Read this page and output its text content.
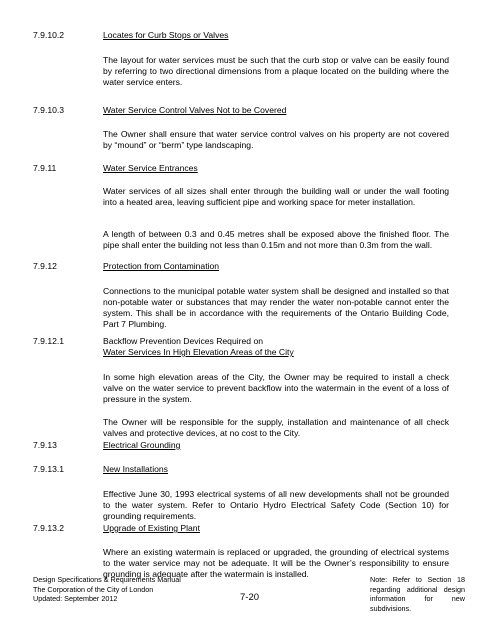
7.9.10.2	Locates for Curb Stops or Valves
The layout for water services must be such that the curb stop or valve can be easily found by referring to two directional dimensions from a plaque located on the building where the water service enters.
7.9.10.3	Water Service Control Valves Not to be Covered
The Owner shall ensure that water service control valves on his property are not covered by “mound” or “berm” type landscaping.
7.9.11	Water Service Entrances
Water services of all sizes shall enter through the building wall or under the wall footing into a heated area, leaving sufficient pipe and working space for meter installation.
A length of between 0.3 and 0.45 metres shall be exposed above the finished floor. The pipe shall enter the building not less than 0.15m and not more than 0.3m from the wall.
7.9.12	Protection from Contamination
Connections to the municipal potable water system shall be designed and installed so that non-potable water or substances that may render the water non-potable cannot enter the system. This shall be in accordance with the requirements of the Ontario Building Code, Part 7 Plumbing.
7.9.12.1	Backflow Prevention Devices Required on
Water Services In High Elevation Areas of the City
In some high elevation areas of the City, the Owner may be required to install a check valve on the water service to prevent backflow into the watermain in the event of a loss of pressure in the system.
The Owner will be responsible for the supply, installation and maintenance of all check valves and protective devices, at no cost to the City.
7.9.13	Electrical Grounding
7.9.13.1	New Installations
Effective June 30, 1993 electrical systems of all new developments shall not be grounded to the water system. Refer to Ontario Hydro Electrical Safety Code (Section 10) for grounding requirements.
7.9.13.2	Upgrade of Existing Plant
Where an existing watermain is replaced or upgraded, the grounding of electrical systems to the water service may not be adequate. It will be the Owner’s responsibility to ensure grounding is adequate after the watermain is installed.
Design Specifications & Requirements Manual
The Corporation of the City of London
Updated: September 2012	7-20
Note: Refer to Section 18 regarding additional design information for new subdivisions.
